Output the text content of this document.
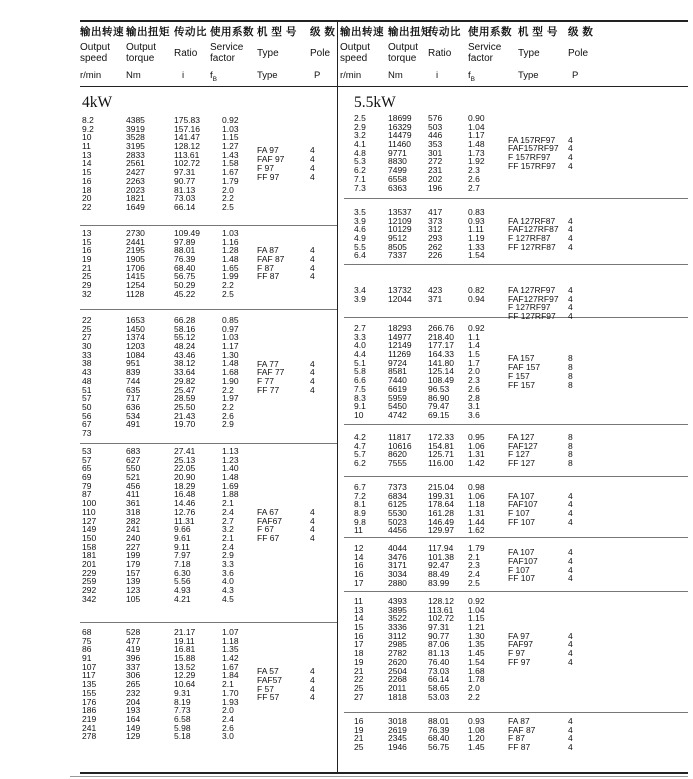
输出转速
Output
speed
r/min
输出扭矩
Output
torque
Nm
传动比
Ratio
i
使用系数
Service
factor
$f_B$
机 型 号
Type
Type
级 数
Pole
P
4kW
8.2
9.2
10
11
13
14
15
16
18
20
22
4385
3919
3528
3195
2833
2561
2427
2263
2023
1821
1649
175.83
157.16
141.47
128.12
113.61
102.72
97.31
90.77
81.13
73.03
66.14
0.92
1.03
1.15
1.27
1.43
1.58
1.67
1.79
2.0
2.2
2.5
FA 97
FAF 97
F 97
FF 97
4
4
4
4
13
15
16
19
21
25
29
32
2730
2441
2195
1905
1706
1415
1254
1128
109.49
97.89
88.01
76.39
68.40
56.75
50.29
45.22
1.03
1.16
1.28
1.48
1.65
1.99
2.2
2.5
FA 87
FAF 87
F 87
FF 87
4
4
4
4
22
25
27
30
33
38
43
48
51
57
50
56
67
73
1653
1450
1374
1203
1084
951
839
744
635
717
636
534
491
66.28
58.16
55.12
48.24
43.46
38.12
33.64
29.82
25.47
28.59
25.50
21.43
19.70
0.85
0.97
1.03
1.17
1.30
1.48
1.68
1.90
2.2
1.97
2.2
2.6
2.9
FA 77
FAF 77
F 77
FF 77
4
4
4
4
53
57
65
69
79
87
100
110
127
149
150
158
181
201
229
259
292
342
683
627
550
521
456
411
361
318
282
241
240
227
199
179
157
139
123
105
27.41
25.13
22.05
20.90
18.29
16.48
14.46
12.76
11.31
9.66
9.61
9.11
7.97
7.18
6.30
5.56
4.93
4.21
1.13
1.23
1.40
1.48
1.69
1.88
2.1
2.4
2.7
3.2
2.1
2.4
2.9
3.3
3.6
4.0
4.3
4.5
FA 67
FAF67
F 67
FF 67
4
4
4
4
68
75
86
91
107
117
135
155
176
186
219
241
278
528
477
419
396
337
306
265
232
204
193
164
149
129
21.17
19.11
16.81
15.88
13.52
12.29
10.64
9.31
8.19
7.73
6.58
5.98
5.18
1.07
1.18
1.35
1.42
1.67
1.84
2.1
1.70
1.93
2.0
2.4
2.6
3.0
FA 57
FAF57
F 57
FF 57
4
4
4
4
输出转速
Output
speed
r/min
输出扭矩
Output
torque
Nm
传动比
Ratio
i
使用系数
Service
factor
$f_B$
机 型 号
Type
Type
级 数
Pole
P
5.5kW
2.5
2.9
3.2
4.1
4.8
5.3
6.2
7.1
7.3
18699
16329
14479
11460
9771
8830
7499
6558
6363
576
503
446
353
301
272
231
202
196
0.90
1.04
1.17
1.48
1.73
1.92
2.3
2.6
2.7
FA 157RF97
FAF157RF97
F 157RF97
FF 157RF97
4
4
4
4
3.5
3.9
4.6
4.9
5.5
6.4
13537
12109
10129
9512
8505
7337
417
373
312
293
262
226
0.83
0.93
1.11
1.19
1.33
1.54
FA 127RF87
FAF127RF87
F 127RF87
FF 127RF87
4
4
4
4
3.4
3.9
13732
12044
423
371
0.82
0.94
FA 127RF97
FAF127RF97
F 127RF97
FF 127RF97
4
4
4
4
2.7
3.3
4.0
4.4
5.1
5.8
6.6
7.5
8.3
9.1
10
18293
14977
12149
11269
9724
8581
7440
6619
5959
5450
4742
266.76
218.40
177.17
164.33
141.80
125.14
108.49
96.53
86.90
79.47
69.15
0.92
1.1
1.4
1.5
1.7
2.0
2.3
2.6
2.8
3.1
3.6
FA 157
FAF 157
F 157
FF 157
8
8
8
8
4.2
4.7
5.7
6.2
11817
10616
8620
7555
172.33
154.81
125.71
116.00
0.95
1.06
1.31
1.42
FA 127
FAF127
F 127
FF 127
8
8
8
8
6.7
7.2
8.1
8.9
9.8
11
7373
6834
6125
5530
5023
4456
215.04
199.31
178.64
161.28
146.49
129.97
0.98
1.06
1.18
1.31
1.44
1.62
FA 107
FAF107
F 107
FF 107
4
4
4
4
12
14
16
16
17
4044
3476
3171
3034
2880
117.94
101.38
92.47
88.49
83.99
1.79
2.1
2.3
2.4
2.5
FA 107
FAF107
F 107
FF 107
4
4
4
4
11
13
14
15
16
17
18
19
21
22
25
27
4393
3895
3522
3336
3112
2985
2782
2620
2504
2268
2011
1818
128.12
113.61
102.72
97.31
90.77
87.06
81.13
76.40
73.03
66.14
58.65
53.03
0.92
1.04
1.15
1.21
1.30
1.35
1.45
1.54
1.68
1.78
2.0
2.2
FA 97
FAF97
F 97
FF 97
4
4
4
4
16
19
21
25
3018
2619
2345
1946
88.01
76.39
68.40
56.75
0.93
1.08
1.20
1.45
FA 87
FAF 87
F 87
FF 87
4
4
4
4
